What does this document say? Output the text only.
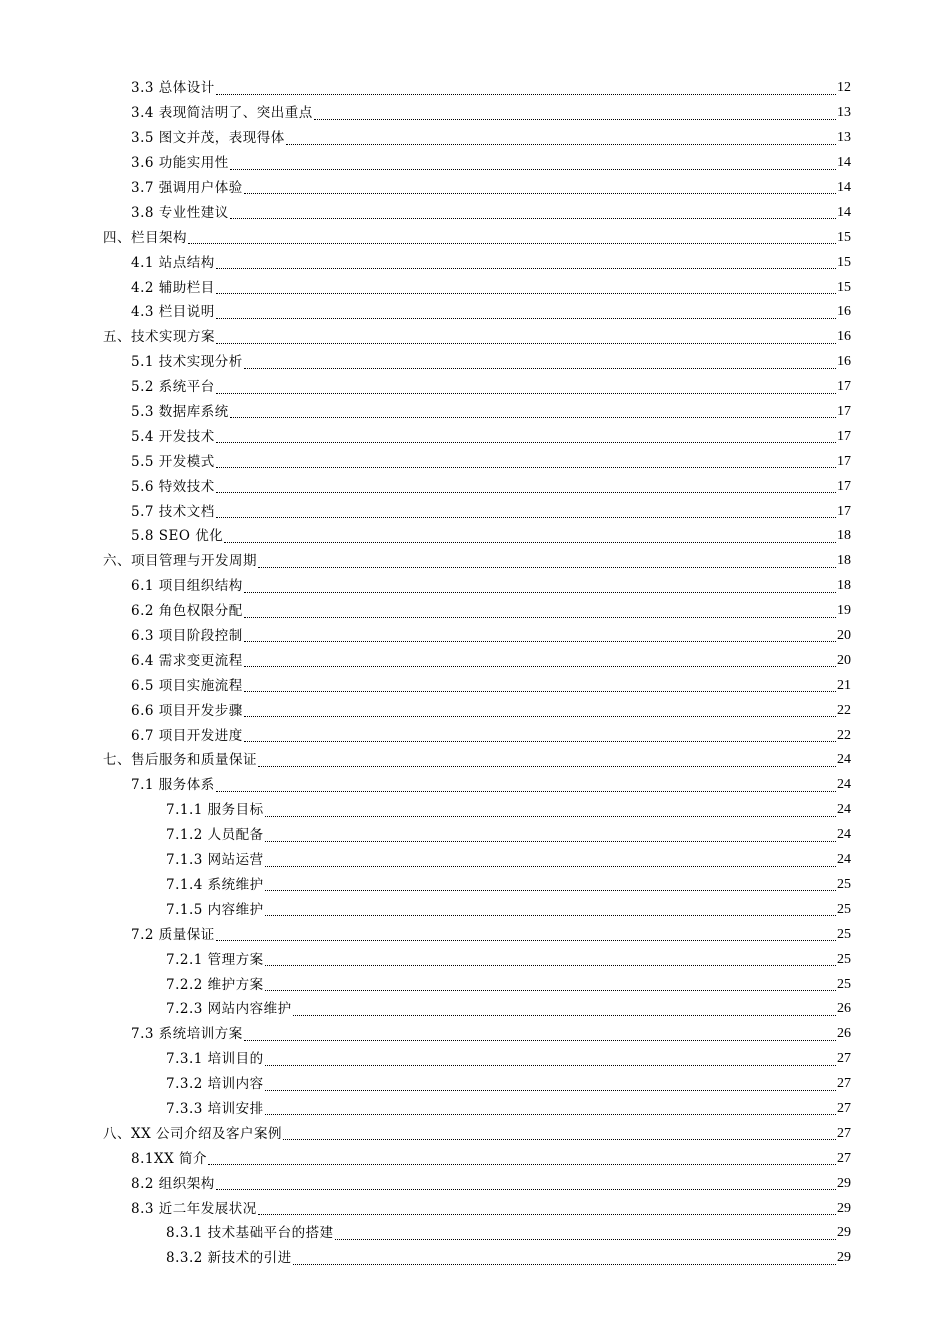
3.3 总体设计	12
3.4 表现简洁明了、突出重点	13
3.5 图文并茂，表现得体	13
3.6 功能实用性	14
3.7 强调用户体验	14
3.8 专业性建议	14
四、栏目架构	15
4.1 站点结构	15
4.2 辅助栏目	15
4.3 栏目说明	16
五、技术实现方案	16
5.1 技术实现分析	16
5.2 系统平台	17
5.3 数据库系统	17
5.4 开发技术	17
5.5 开发模式	17
5.6 特效技术	17
5.7 技术文档	17
5.8 SEO 优化	18
六、项目管理与开发周期	18
6.1 项目组织结构	18
6.2 角色权限分配	19
6.3 项目阶段控制	20
6.4 需求变更流程	20
6.5 项目实施流程	21
6.6 项目开发步骤	22
6.7 项目开发进度	22
七、售后服务和质量保证	24
7.1 服务体系	24
7.1.1 服务目标	24
7.1.2 人员配备	24
7.1.3 网站运营	24
7.1.4 系统维护	25
7.1.5 内容维护	25
7.2 质量保证	25
7.2.1 管理方案	25
7.2.2 维护方案	25
7.2.3 网站内容维护	26
7.3 系统培训方案	26
7.3.1 培训目的	27
7.3.2 培训内容	27
7.3.3 培训安排	27
八、XX 公司介绍及客户案例	27
8.1XX 简介	27
8.2 组织架构	29
8.3 近二年发展状况	29
8.3.1 技术基础平台的搭建	29
8.3.2 新技术的引进	29
